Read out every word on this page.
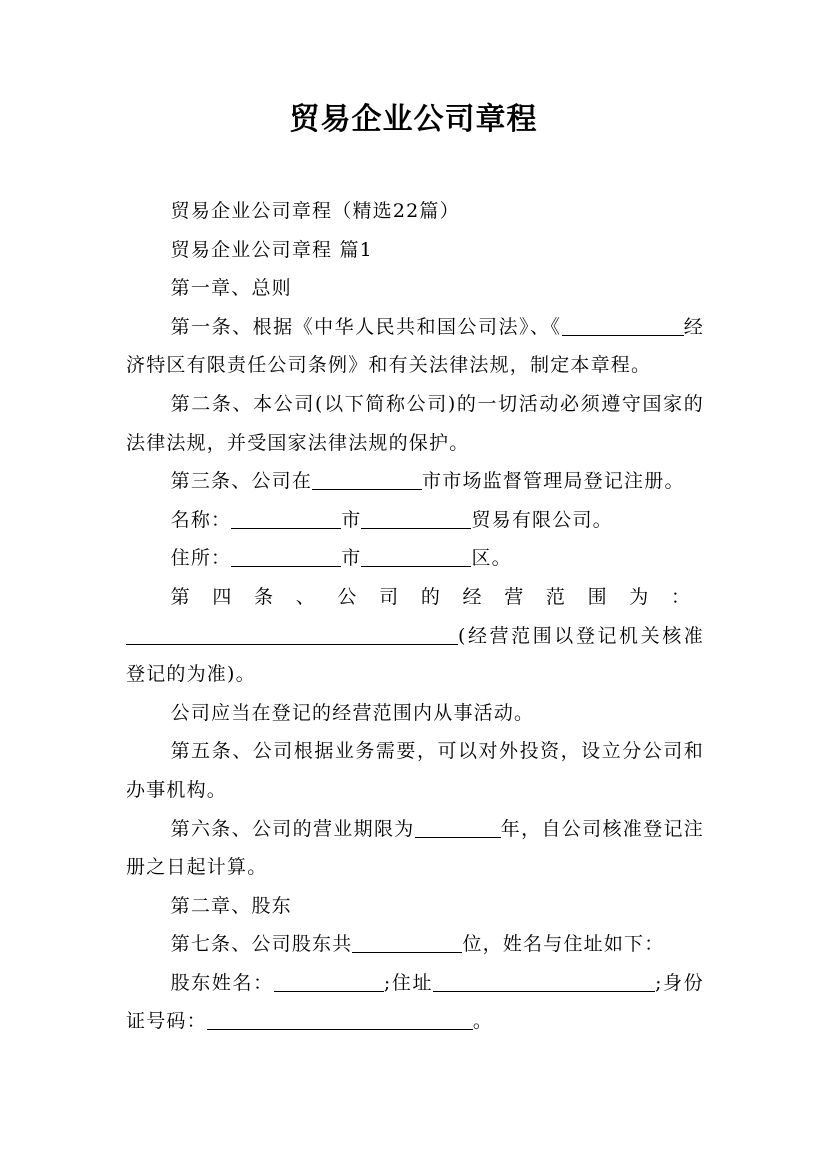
贸易企业公司章程

贸易企业公司章程（精选22篇）

贸易企业公司章程 篇1

第一章、总则

第一条、根据《中华人民共和国公司法》、《	经济特区有限责任公司条例》和有关法律法规，制定本章程。

第二条、本公司(以下简称公司)的一切活动必须遵守国家的法律法规，并受国家法律法规的保护。

第三条、公司在	市市场监督管理局登记注册。

名称：	市	贸易有限公司。

住所：	市	区。

第四条、公司的经营范围为：

(经营范围以登记机关核准登记的为准)。

公司应当在登记的经营范围内从事活动。

第五条、公司根据业务需要，可以对外投资，设立分公司和办事机构。

第六条、公司的营业期限为	年，自公司核准登记注册之日起计算。

第二章、股东

第七条、公司股东共	位，姓名与住址如下：

股东姓名：	;住址	;身份证号码：	。
